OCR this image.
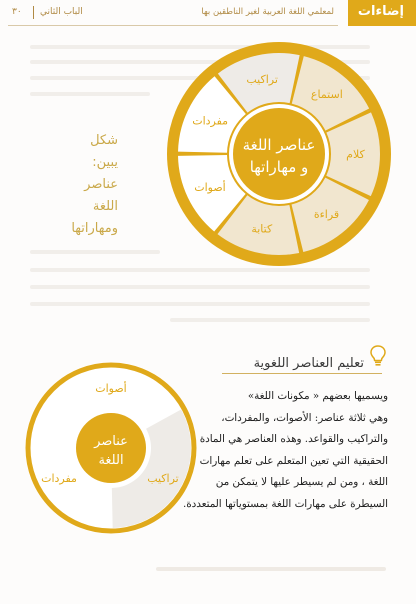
إضاءات
لمعلمي اللغة العربية لغير الناطقين بها
الباب الثاني
٣٠
عناصر اللغة
و مهاراتها
استماع
كلام
قراءة
كتابة
أصوات
مفردات
تراكيب
شكل
يبين:
عناصر
اللغة
ومهاراتها
تعليم العناصر اللغوية

ويسميها بعضهم « مكونات اللغة»

وهي ثلاثة عناصر: الأصوات، والمفردات،

والتراكيب والقواعد. وهذه العناصر هي المادة

الحقيقية التي تعين المتعلم على تعلم مهارات

اللغة ، ومن لم يسيطر عليها لا يتمكن من

السيطرة على مهارات اللغة بمستوياتها المتعددة.

عناصر
اللغة
أصوات
تراكيب
مفردات
